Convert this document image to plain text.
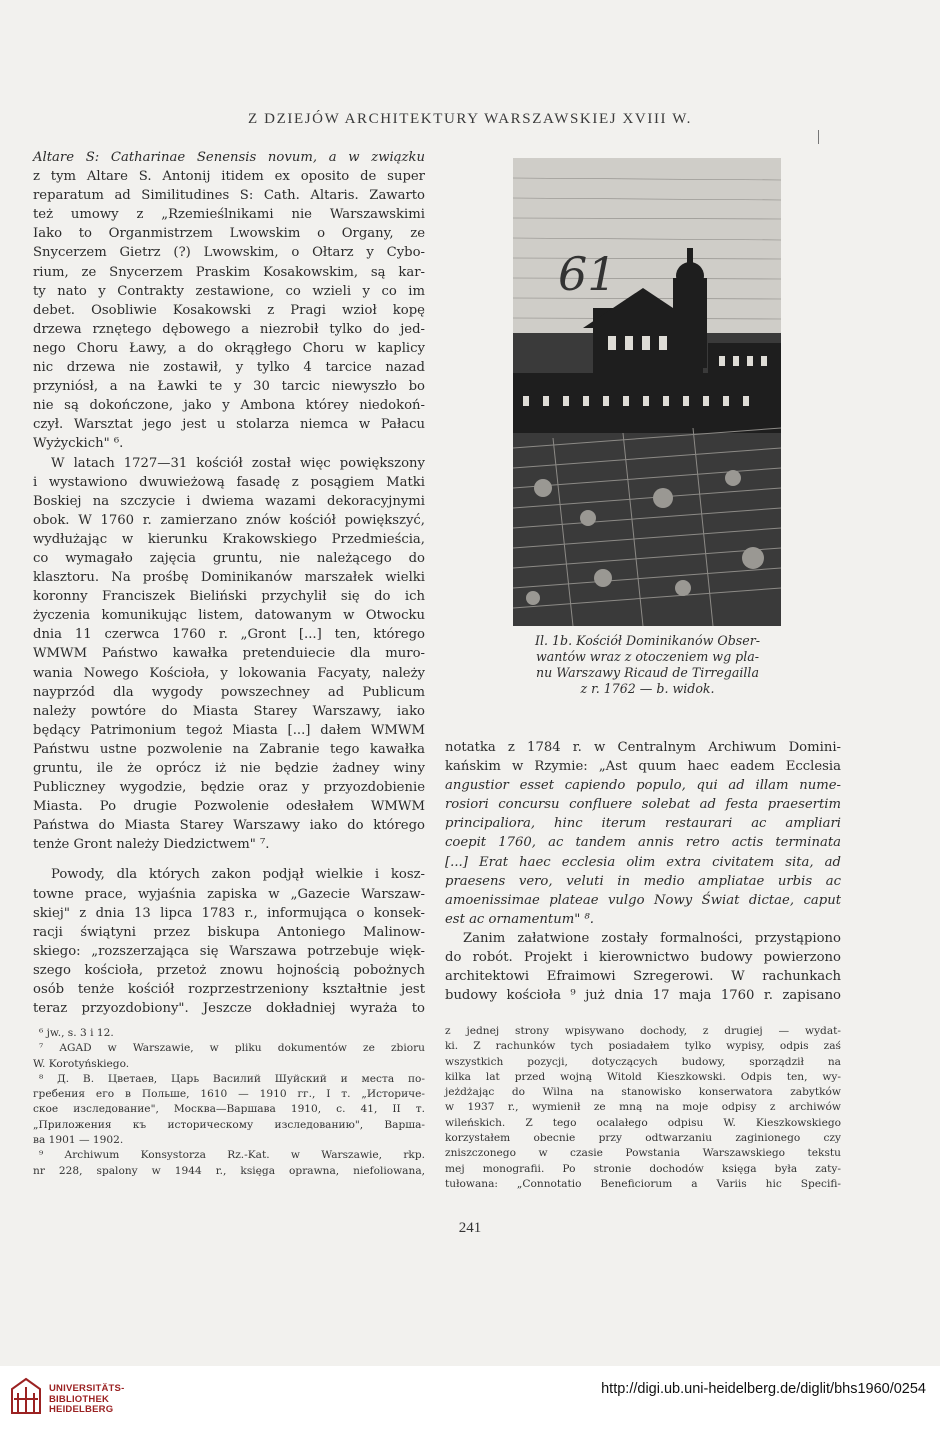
Z DZIEJÓW ARCHITEKTURY WARSZAWSKIEJ XVIII W.

Altare S: Catharinae Senensis novum, a w związku
z tym Altare S. Antonij itidem ex oposito de super
reparatum ad Similitudines S: Cath. Altaris. Zawarto
też umowy z „Rzemieślnikami nie Warszawskimi
Iako to Organmistrzem Lwowskim o Organy, ze
Snycerzem Gietrz (?) Lwowskim, o Ołtarz y Cybo-
rium, ze Snycerzem Praskim Kosakowskim, są kar-
ty nato y Contrakty zestawione, co wzieli y co im
debet. Osobliwie Kosakowski z Pragi wzioł kopę
drzewa rznętego dębowego a niezrobił tylko do jed-
nego Choru Ławy, a do okrągłego Choru w kaplicy
nic drzewa nie zostawił, y tylko 4 tarcice nazad
przyniósł, a na Ławki te y 30 tarcic niewyszło bo
nie są dokończone, jako y Ambona którey niedokoń-
czył. Warsztat jego jest u stolarza niemca w Pałacu
Wyżyckich" ⁶.

W latach 1727—31 kościół został więc powiększony
i wystawiono dwuwieżową fasadę z posągiem Matki
Boskiej na szczycie i dwiema wazami dekoracyjnymi
obok. W 1760 r. zamierzano znów kościół powiększyć,
wydłużając w kierunku Krakowskiego Przedmieścia,
co wymagało zajęcia gruntu, nie należącego do
klasztoru. Na prośbę Dominikanów marszałek wielki
koronny Franciszek Bieliński przychylił się do ich
życzenia komunikując listem, datowanym w Otwocku
dnia 11 czerwca 1760 r. „Gront [...] ten, którego
WMWM Państwo kawałka pretenduiecie dla muro-
wania Nowego Kościoła, y lokowania Facyaty, należy
nayprzód dla wygody powszechney ad Publicum
należy powtóre do Miasta Starey Warszawy, iako
będący Patrimonium tegoż Miasta [...] dałem WMWM
Państwu ustne pozwolenie na Zabranie tego kawałka
gruntu, ile że oprócz iż nie będzie żadney winy
Publiczney wygodzie, będzie oraz y przyozdobienie
Miasta. Po drugie Pozwolenie odesłałem WMWM
Państwa do Miasta Starey Warszawy iako do którego
tenże Gront należy Diedzictwem" ⁷.

Powody, dla których zakon podjął wielkie i kosz-
towne prace, wyjaśnia zapiska w „Gazecie Warszaw-
skiej" z dnia 13 lipca 1783 r., informująca o konsek-
racji świątyni przez biskupa Antoniego Malinow-
skiego: „rozszerzająca się Warszawa potrzebuje więk-
szego kościoła, przetoż znowu hojnością pobożnych
osób tenże kościół rozprzestrzeniony kształtnie jest
teraz przyozdobiony". Jeszcze dokładniej wyraża to

61
Il. 1b. Kościół Dominikanów Obser-
wantów wraz z otoczeniem wg pla-
nu Warszawy Ricaud de Tirregailla
z r. 1762 — b. widok.

notatka z 1784 r. w Centralnym Archiwum Domini-
kańskim w Rzymie: „Ast quum haec eadem Ecclesia
angustior esset capiendo populo, qui ad illam nume-
rosiori concursu confluere solebat ad festa praesertim
principaliora, hinc iterum restaurari ac ampliari
coepit 1760, ac tandem annis retro actis terminata
[...] Erat haec ecclesia olim extra civitatem sita, ad
praesens vero, veluti in medio ampliatae urbis ac
amoenissimae plateae vulgo Nowy Świat dictae, caput
est ac ornamentum" ⁸.

Zanim załatwione zostały formalności, przystąpiono
do robót. Projekt i kierownictwo budowy powierzono
architektowi Efraimowi Szregerowi. W rachunkach
budowy kościoła ⁹ już dnia 17 maja 1760 r. zapisano

⁶ jw., s. 3 i 12.
⁷ AGAD w Warszawie, w pliku dokumentów ze zbioru
W. Korotyńskiego.
⁸ Д. В. Цветаев, Царь Василий Шуйский и места по-
гребения его в Польше, 1610 — 1910 гг., I т. „Историче-
ское изследование", Москва—Варшава 1910, с. 41, II т.
„Приложения къ историческому изследованию", Варша-
ва 1901 — 1902.
⁹ Archiwum Konsystorza Rz.-Kat. w Warszawie, rkp.
nr 228, spalony w 1944 r., księga oprawna, niefoliowana,
z jednej strony wpisywano dochody, z drugiej — wydat-
ki. Z rachunków tych posiadałem tylko wypisy, odpis zaś
wszystkich pozycji, dotyczących budowy, sporządził na
kilka lat przed wojną Witold Kieszkowski. Odpis ten, wy-
jeżdżając do Wilna na stanowisko konserwatora zabytków
w 1937 r., wymienił ze mną na moje odpisy z archiwów
wileńskich. Z tego ocalałego odpisu W. Kieszkowskiego
korzystałem obecnie przy odtwarzaniu zaginionego czy
zniszczonego w czasie Powstania Warszawskiego tekstu
mej monografii. Po stronie dochodów księga była zaty-
tułowana: „Connotatio Beneficiorum a Variis hic Specifi-
241
UNIVERSITÄTS-
BIBLIOTHEK
HEIDELBERG
http://digi.ub.uni-heidelberg.de/diglit/bhs1960/0254
